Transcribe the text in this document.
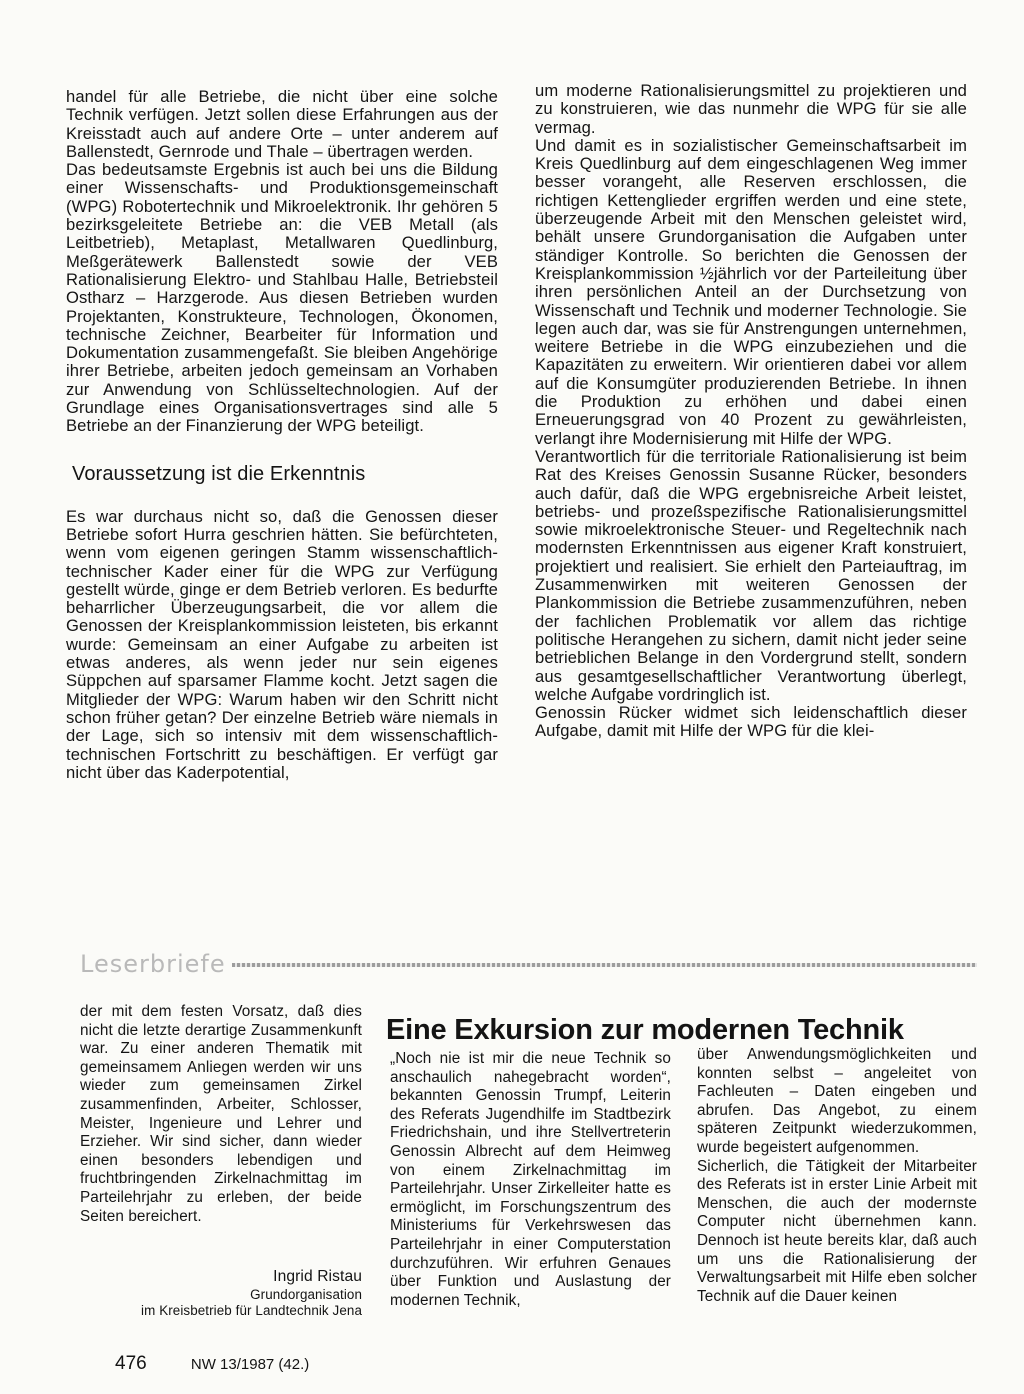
handel für alle Betriebe, die nicht über eine solche Technik verfügen. Jetzt sollen diese Erfahrungen aus der Kreisstadt auch auf andere Orte – unter anderem auf Ballenstedt, Gernrode und Thale – übertragen werden.

Das bedeutsamste Ergebnis ist auch bei uns die Bildung einer Wissenschafts- und Produktionsgemeinschaft (WPG) Robotertechnik und Mikroelektronik. Ihr gehören 5 bezirksgeleitete Betriebe an: die VEB Metall (als Leitbetrieb), Metaplast, Metallwaren Quedlinburg, Meßgerätewerk Ballenstedt sowie der VEB Rationalisierung Elektro- und Stahlbau Halle, Betriebsteil Ostharz – Harzgerode. Aus diesen Betrieben wurden Projektanten, Konstrukteure, Technologen, Ökonomen, technische Zeichner, Bearbeiter für Information und Dokumentation zusammengefaßt. Sie bleiben Angehörige ihrer Betriebe, arbeiten jedoch gemeinsam an Vorhaben zur Anwendung von Schlüsseltechnologien. Auf der Grundlage eines Organisationsvertrages sind alle 5 Betriebe an der Finanzierung der WPG beteiligt.

Voraussetzung ist die Erkenntnis

Es war durchaus nicht so, daß die Genossen dieser Betriebe sofort Hurra geschrien hätten. Sie befürchteten, wenn vom eigenen geringen Stamm wissenschaftlich-technischer Kader einer für die WPG zur Verfügung gestellt würde, ginge er dem Betrieb verloren. Es bedurfte beharrlicher Überzeugungsarbeit, die vor allem die Genossen der Kreisplankommission leisteten, bis erkannt wurde: Gemeinsam an einer Aufgabe zu arbeiten ist etwas anderes, als wenn jeder nur sein eigenes Süppchen auf sparsamer Flamme kocht. Jetzt sagen die Mitglieder der WPG: Warum haben wir den Schritt nicht schon früher getan? Der einzelne Betrieb wäre niemals in der Lage, sich so intensiv mit dem wissenschaftlich-technischen Fortschritt zu beschäftigen. Er verfügt gar nicht über das Kaderpotential,

um moderne Rationalisierungsmittel zu projektieren und zu konstruieren, wie das nunmehr die WPG für sie alle vermag.

Und damit es in sozialistischer Gemeinschaftsarbeit im Kreis Quedlinburg auf dem eingeschlagenen Weg immer besser vorangeht, alle Reserven erschlossen, die richtigen Kettenglieder ergriffen werden und eine stete, überzeugende Arbeit mit den Menschen geleistet wird, behält unsere Grundorganisation die Aufgaben unter ständiger Kontrolle. So berichten die Genossen der Kreisplankommission ½jährlich vor der Parteileitung über ihren persönlichen Anteil an der Durchsetzung von Wissenschaft und Technik und moderner Technologie. Sie legen auch dar, was sie für Anstrengungen unternehmen, weitere Betriebe in die WPG einzubeziehen und die Kapazitäten zu erweitern. Wir orientieren dabei vor allem auf die Konsumgüter produzierenden Betriebe. In ihnen die Produktion zu erhöhen und dabei einen Erneuerungsgrad von 40 Prozent zu gewährleisten, verlangt ihre Modernisierung mit Hilfe der WPG.

Verantwortlich für die territoriale Rationalisierung ist beim Rat des Kreises Genossin Susanne Rücker, besonders auch dafür, daß die WPG ergebnisreiche Arbeit leistet, betriebs- und prozeßspezifische Rationalisierungsmittel sowie mikroelektronische Steuer- und Regeltechnik nach modernsten Erkenntnissen aus eigener Kraft konstruiert, projektiert und realisiert. Sie erhielt den Parteiauftrag, im Zusammenwirken mit weiteren Genossen der Plankommission die Betriebe zusammenzuführen, neben der fachlichen Problematik vor allem das richtige politische Herangehen zu sichern, damit nicht jeder seine betrieblichen Belange in den Vordergrund stellt, sondern aus gesamtgesellschaftlicher Verantwortung überlegt, welche Aufgabe vordringlich ist.

Genossin Rücker widmet sich leidenschaftlich dieser Aufgabe, damit mit Hilfe der WPG für die klei-

Leserbriefe

der mit dem festen Vorsatz, daß dies nicht die letzte derartige Zusammenkunft war. Zu einer anderen Thematik mit gemeinsamem Anliegen werden wir uns wieder zum gemeinsamen Zirkel zusammenfinden, Arbeiter, Schlosser, Meister, Ingenieure und Lehrer und Erzieher. Wir sind sicher, dann wieder einen besonders lebendigen und fruchtbringenden Zirkelnachmittag im Parteilehrjahr zu erleben, der beide Seiten bereichert.

Ingrid Ristau
Grundorganisation
im Kreisbetrieb für Landtechnik Jena
Eine Exkursion zur modernen Technik

„Noch nie ist mir die neue Technik so anschaulich nahegebracht worden“, bekannten Genossin Trumpf, Leiterin des Referats Jugendhilfe im Stadtbezirk Friedrichshain, und ihre Stellvertreterin Genossin Albrecht auf dem Heimweg von einem Zirkelnachmittag im Parteilehrjahr. Unser Zirkelleiter hatte es ermöglicht, im Forschungszentrum des Ministeriums für Verkehrswesen das Parteilehrjahr in einer Computerstation durchzuführen. Wir erfuhren Genaues über Funktion und Auslastung der modernen Technik,

über Anwendungsmöglichkeiten und konnten selbst – angeleitet von Fachleuten – Daten eingeben und abrufen. Das Angebot, zu einem späteren Zeitpunkt wiederzukommen, wurde begeistert aufgenommen.

Sicherlich, die Tätigkeit der Mitarbeiter des Referats ist in erster Linie Arbeit mit Menschen, die auch der modernste Computer nicht übernehmen kann. Dennoch ist heute bereits klar, daß auch um uns die Rationalisierung der Verwaltungsarbeit mit Hilfe eben solcher Technik auf die Dauer keinen

476	NW 13/1987 (42.)
